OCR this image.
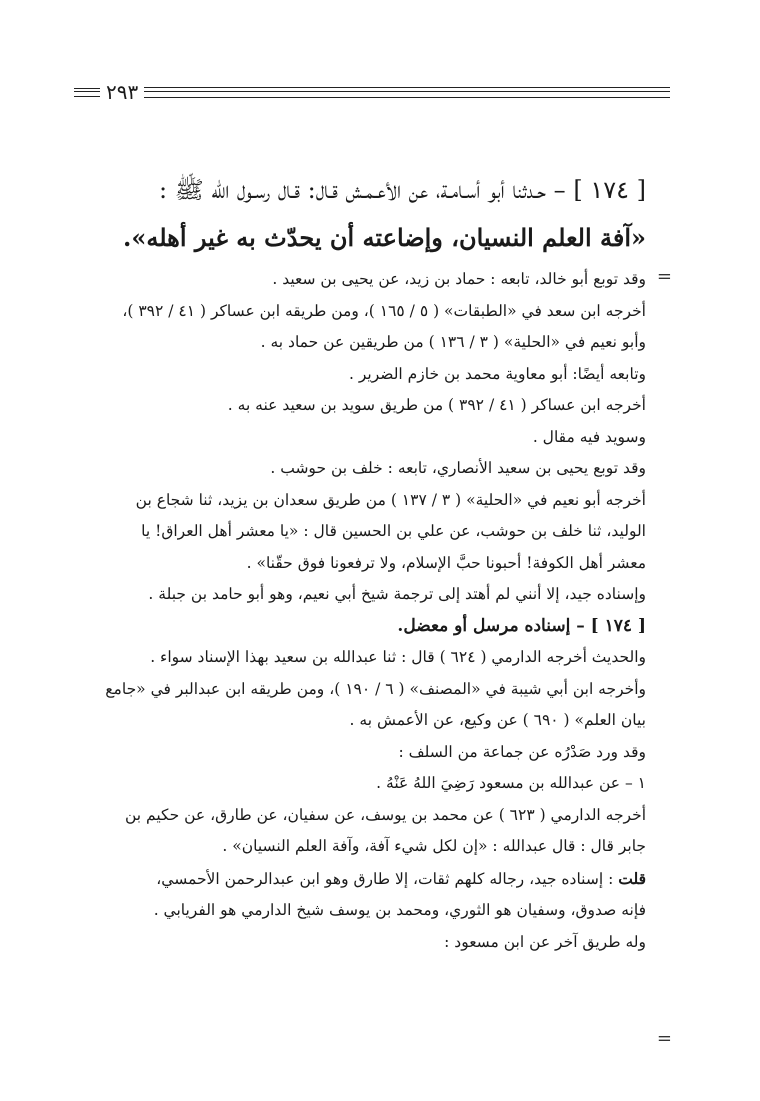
٢٩٣

[ ١٧٤ ] – حـدثنا أبو أسـامـة، عن الأعـمـش قـال: قـال رسـول الله ﷺ :

«آفة العلم النسيان، وإضاعته أن يحدّث به غير أهله».

=

وقد توبع أبو خالد، تابعه : حماد بن زيد، عن يحيى بن سعيد .

أخرجه ابن سعد في «الطبقات» ( ٥ / ١٦٥ )، ومن طريقه ابن عساكر ( ٤١ / ٣٩٢ )،

وأبو نعيم في «الحلية» ( ٣ / ١٣٦ ) من طريقين عن حماد به .

وتابعه أيضًا: أبو معاوية محمد بن خازم الضرير .

أخرجه ابن عساكر ( ٤١ / ٣٩٢ ) من طريق سويد بن سعيد عنه به .

وسويد فيه مقال .

وقد توبع يحيى بن سعيد الأنصاري، تابعه : خلف بن حوشب .

أخرجه أبو نعيم في «الحلية» ( ٣ / ١٣٧ ) من طريق سعدان بن يزيد، ثنا شجاع بن

الوليد، ثنا خلف بن حوشب، عن علي بن الحسين قال : «يا معشر أهل العراق! يا

معشر أهل الكوفة! أحبونا حبَّ الإسلام، ولا ترفعونا فوق حقّنا» .

وإسناده جيد، إلا أنني لم أهتد إلى ترجمة شيخ أبي نعيم، وهو أبو حامد بن جبلة .

[ ١٧٤ ] – إسناده مرسل أو معضل.

والحديث أخرجه الدارمي ( ٦٢٤ ) قال : ثنا عبدالله بن سعيد بهذا الإسناد سواء .

وأخرجه ابن أبي شيبة في «المصنف» ( ٦ / ١٩٠ )، ومن طريقه ابن عبدالبر في «جامع

بيان العلم» ( ٦٩٠ ) عن وكيع، عن الأعمش به .

وقد ورد صَدْرُه عن جماعة من السلف :

١ – عن عبدالله بن مسعود رَضِيَ اللهُ عَنْهُ .

أخرجه الدارمي ( ٦٢٣ ) عن محمد بن يوسف، عن سفيان، عن طارق، عن حكيم بن

جابر قال : قال عبدالله : «إن لكل شيء آفة، وآفة العلم النسيان» .

قلت : إسناده جيد، رجاله كلهم ثقات، إلا طارق وهو ابن عبدالرحمن الأحمسي،

فإنه صدوق، وسفيان هو الثوري، ومحمد بن يوسف شيخ الدارمي هو الفريابي .

وله طريق آخر عن ابن مسعود :

=
